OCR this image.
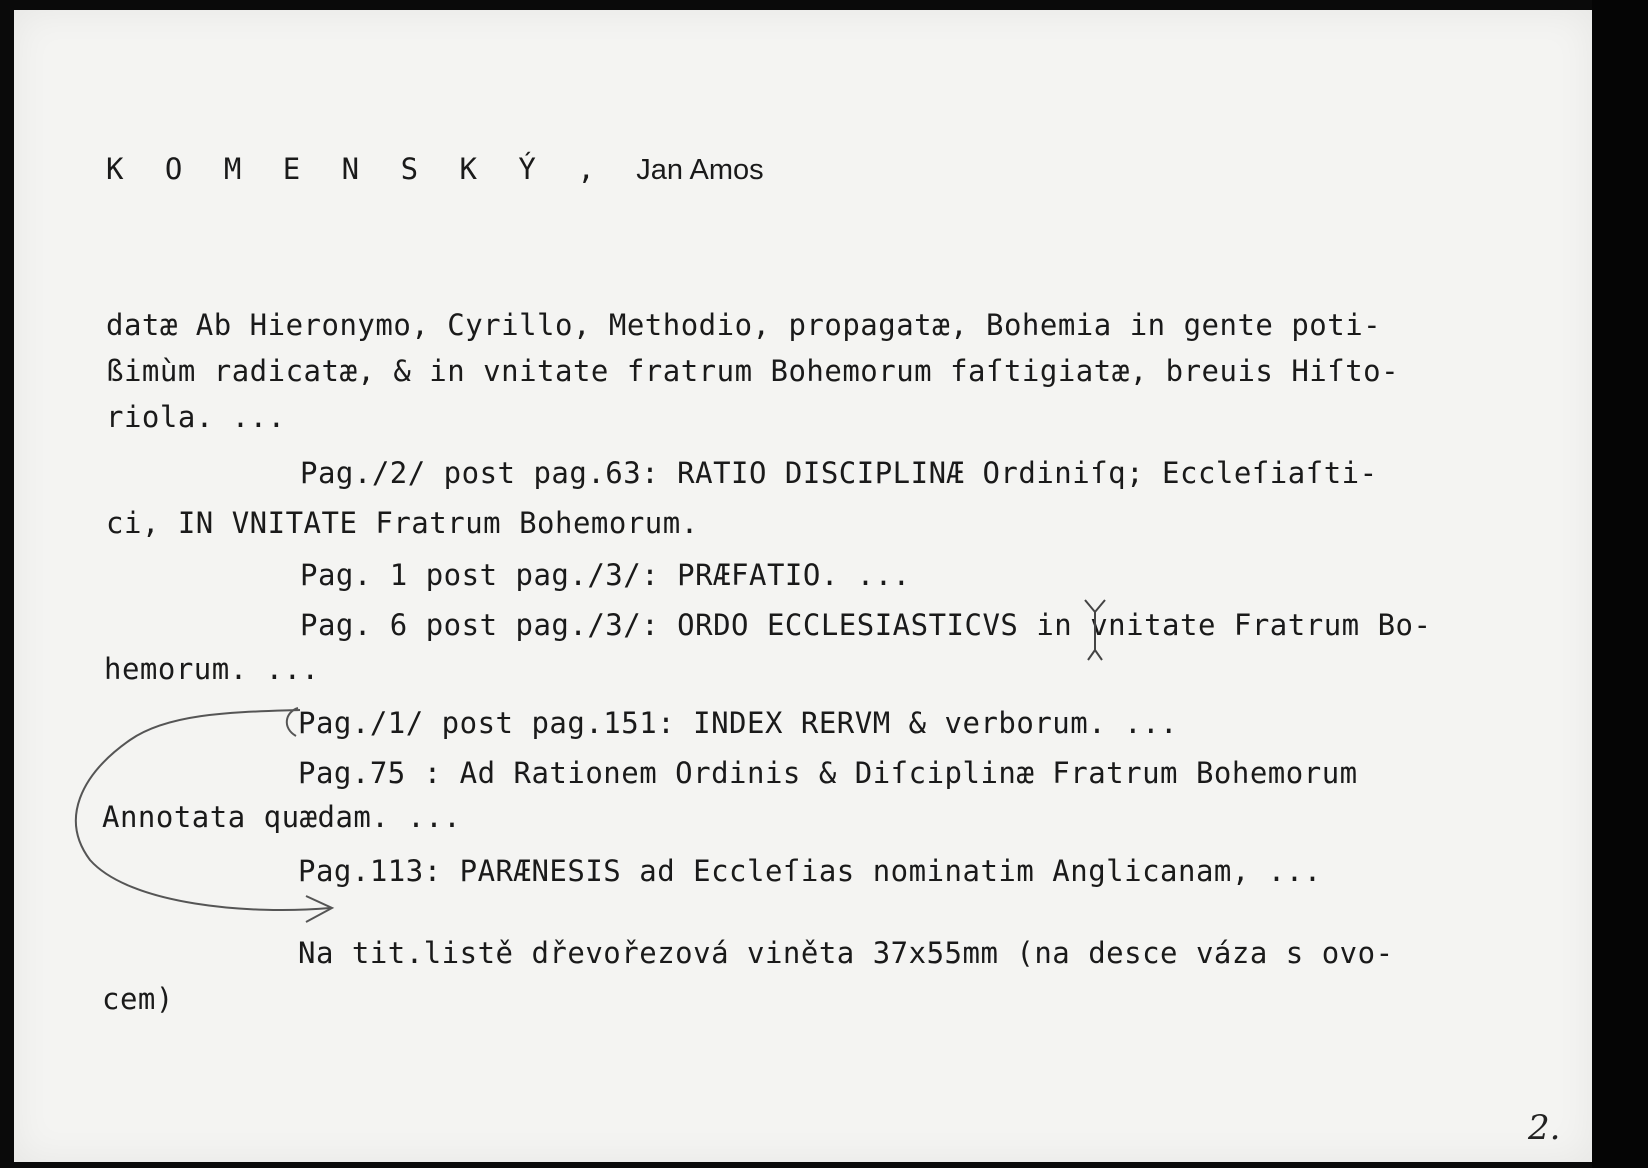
K O M E N S K Ý , Jan Amos
datæ Ab Hieronymo, Cyrillo, Methodio, propagatæ, Bohemia in gente poti-
ßimùm radicatæ, & in vnitate fratrum Bohemorum faſtigiatæ, breuis Hiſto-
riola. ...
Pag./2/ post pag.63: RATIO DISCIPLINÆ Ordiniſq; Eccleſiaſti-
ci, IN VNITATE Fratrum Bohemorum.
Pag. 1 post pag./3/: PRÆFATIO. ...
Pag. 6 post pag./3/: ORDO ECCLESIASTICVS in vnitate Fratrum Bo-
hemorum. ...
Pag./1/ post pag.151: INDEX RERVM & verborum. ...
Pag.75 : Ad Rationem Ordinis & Diſciplinæ Fratrum Bohemorum
Annotata quædam. ...
Pag.113: PARÆNESIS ad Eccleſias nominatim Anglicanam, ...
Na tit.listě dřevořezová viněta 37x55mm (na desce váza s ovo-
cem)
2.
